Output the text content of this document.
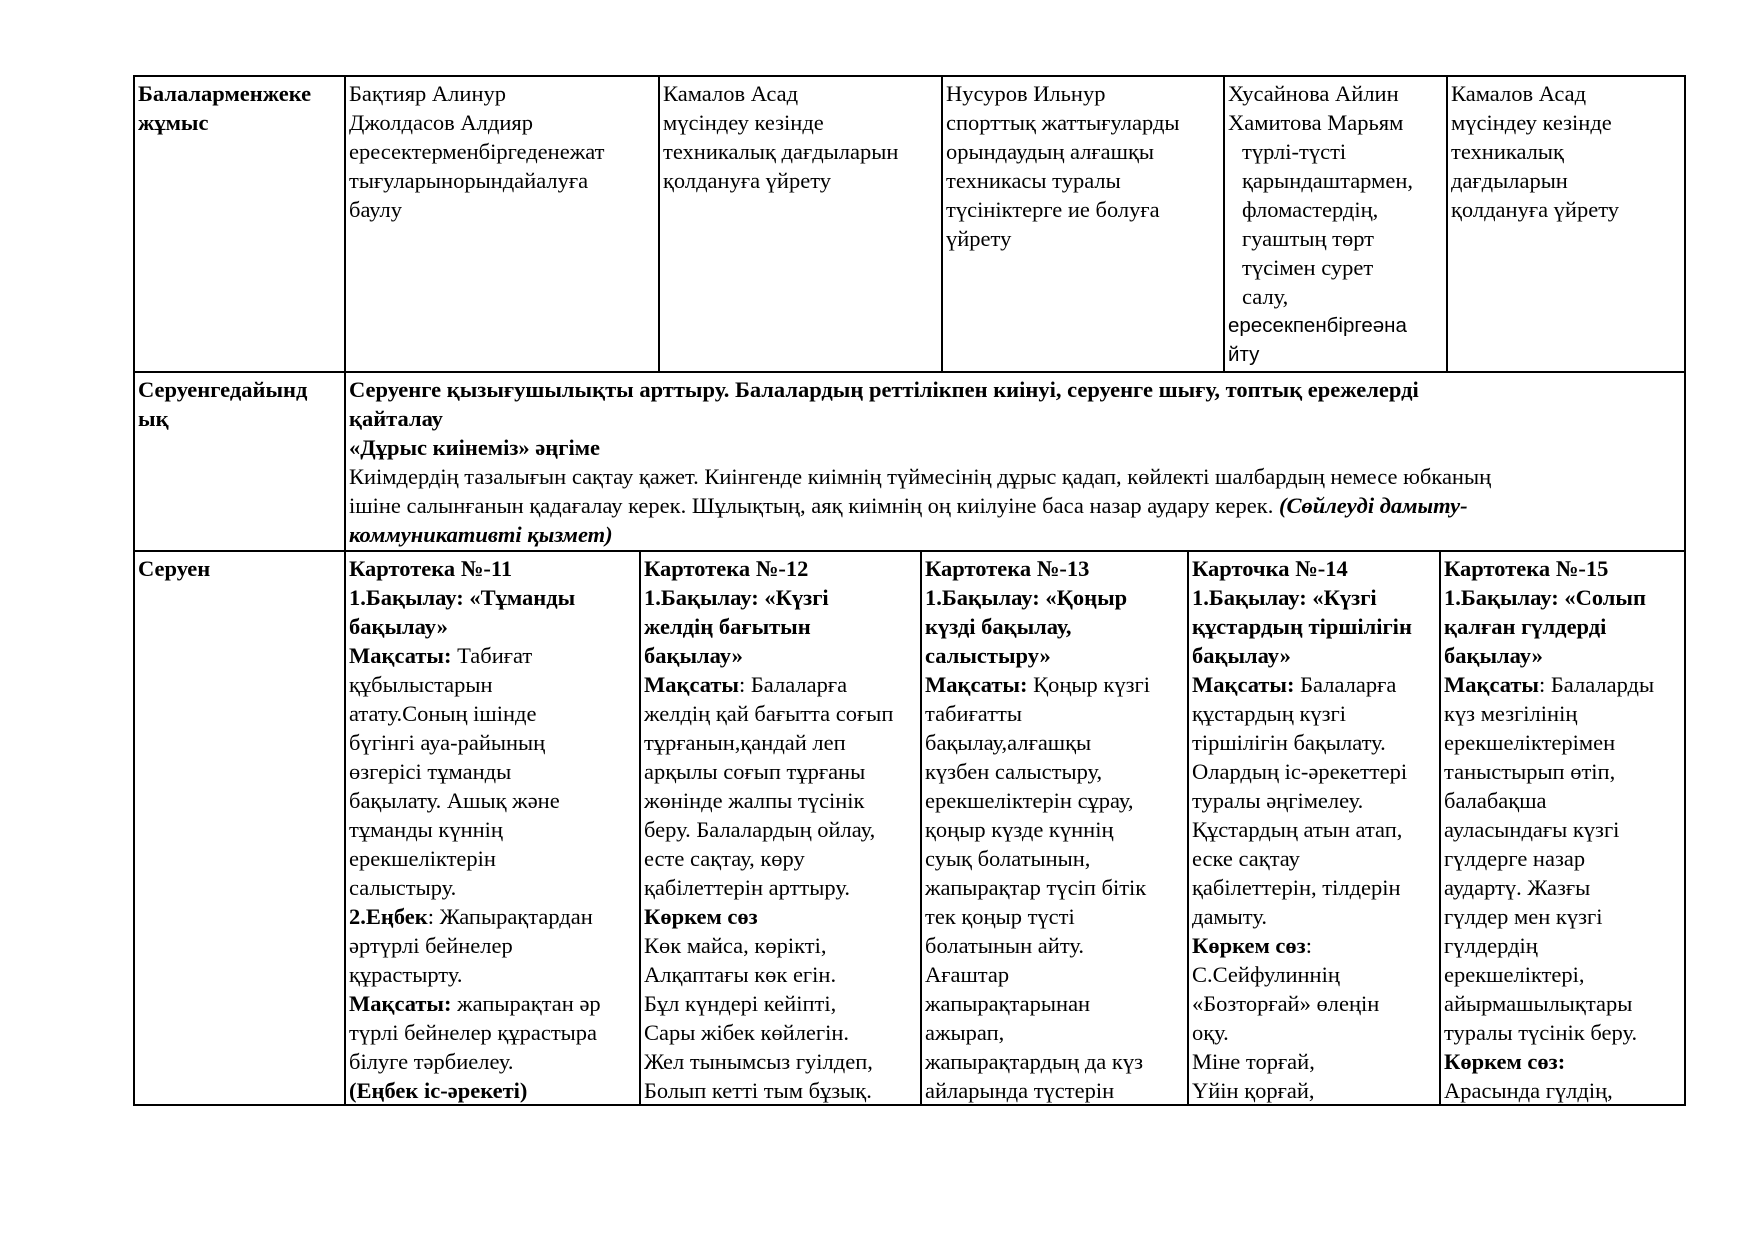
Балаларменжеке
жұмыс
Бақтияр Алинур
Джолдасов Алдияр
ересектерменбіргеденежат
тығуларынорындайалуға
баулу
Камалов Асад
мүсіндеу кезінде
техникалық дағдыларын
қолдануға үйрету
Нусуров Ильнур
спорттық жаттығуларды
орындаудың алғашқы
техникасы туралы
түсініктерге ие болуға
үйрету
Хусайнова Айлин
Хамитова Марьям
түрлі-түсті
қарындаштармен,
фломастердің,
гуаштың төрт
түсімен сурет
салу,
ересекпенбіргеәна
йту
Камалов Асад
мүсіндеу кезінде
техникалық
дағдыларын
қолдануға үйрету
Серуенгедайынд
ық
Серуенге қызығушылықты арттыру. Балалардың реттілікпен киінуі, серуенге шығу, топтық ережелерді
қайталау
«Дұрыс киінеміз» әңгіме
Киімдердің тазалығын сақтау қажет. Киінгенде киімнің түймесінің дұрыс қадап, көйлекті шалбардың немесе юбканың
ішіне салынғанын қадағалау керек. Шұлықтың, аяқ киімнің оң киілуіне баса назар аудару керек. (Сөйлеуді дамыту-
коммуникативті қызмет)
Серуен	Картотека №-11
1.Бақылау: «Тұманды
бақылау»
Мақсаты: Табиғат
құбылыстарын
атату.Соның ішінде
бүгінгі ауа-райының
өзгерісі тұманды
бақылату. Ашық және
тұманды күннің
ерекшеліктерін
салыстыру.
2.Еңбек: Жапырақтардан
әртүрлі бейнелер
құрастырту.
Мақсаты: жапырақтан әр
түрлі бейнелер құрастыра
білуге тәрбиелеу.
(Еңбек іс-әрекеті)
Картотека №-12
1.Бақылау: «Күзгі
желдің бағытын
бақылау»
Мақсаты: Балаларға
желдің қай бағытта соғып
тұрғанын,қандай леп
арқылы соғып тұрғаны
жөнінде жалпы түсінік
беру. Балалардың ойлау,
есте сақтау, көру
қабілеттерін арттыру.
Көркем сөз
Көк майса, көрікті,
Алқаптағы көк егін.
Бұл күндері кейіпті,
Сары жібек көйлегін.
Жел тынымсыз гуілдеп,
Болып кетті тым бұзық.
Картотека №-13
1.Бақылау: «Қоңыр
күзді бақылау,
салыстыру»
Мақсаты: Қоңыр күзгі
табиғатты
бақылау,алғашқы
күзбен салыстыру,
ерекшеліктерін сұрау,
қоңыр күзде күннің
суық болатынын,
жапырақтар түсіп бітік
тек қоңыр түсті
болатынын айту.
Ағаштар
жапырақтарынан
ажырап,
жапырақтардың да күз
айларында түстерін
Карточка №-14
1.Бақылау: «Күзгі
құстардың тіршілігін
бақылау»
Мақсаты: Балаларға
құстардың күзгі
тіршілігін бақылату.
Олардың іс-әрекеттері
туралы әңгімелеу.
Құстардың атын атап,
еске сақтау
қабілеттерін, тілдерін
дамыту.
Көркем сөз:
С.Сейфулиннің
«Бозторғай» өлеңін
оқу.
Міне торғай,
Үйін қорғай,
Картотека №-15
1.Бақылау: «Солып
қалған гүлдерді
бақылау»
Мақсаты: Балаларды
күз мезгілінің
ерекшеліктерімен
таныстырып өтіп,
балабақша
ауласындағы күзгі
гүлдерге назар
аудартү. Жазғы
гүлдер мен күзгі
гүлдердің
ерекшеліктері,
айырмашылықтары
туралы түсінік беру.
Көркем сөз:
Арасында гүлдің,
